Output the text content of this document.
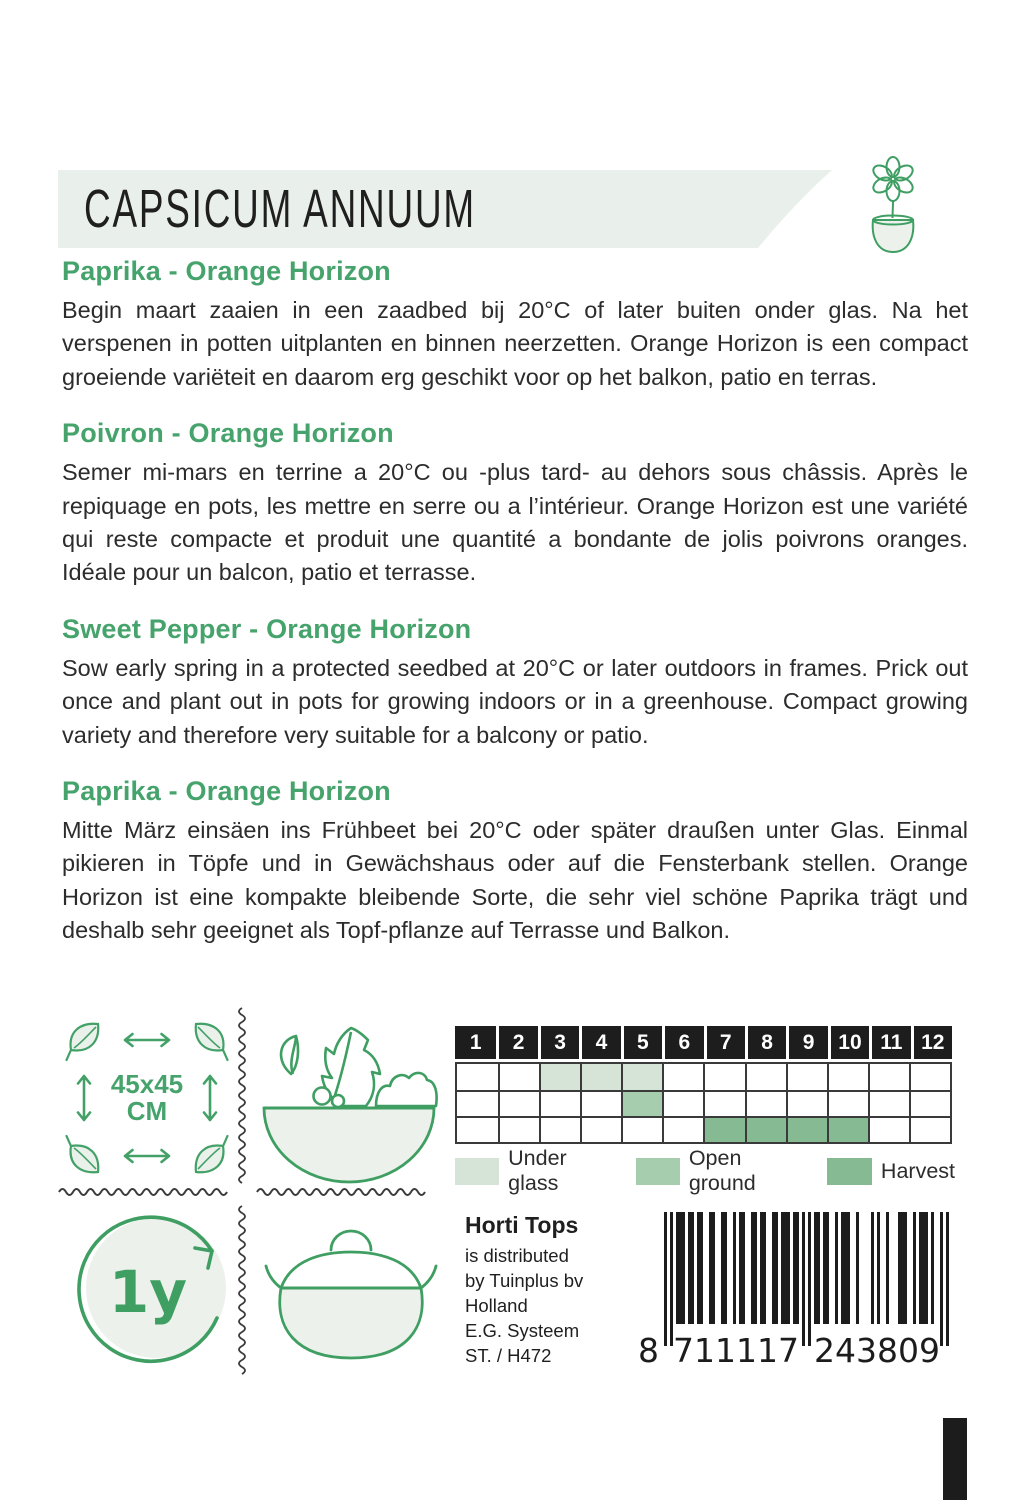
CAPSICUM ANNUUM
Paprika - Orange Horizon

Begin maart zaaien in een zaadbed bij 20°C of later buiten onder glas. Na het verspenen in potten uitplanten en binnen neerzetten. Orange Horizon is een compact groeiende variëteit en daarom erg geschikt voor op het balkon, patio en terras.

Poivron - Orange Horizon

Semer mi-mars en terrine a 20°C ou -plus tard- au dehors sous châssis. Après le repiquage en pots, les mettre en serre ou a l’intérieur. Orange Horizon est une variété qui reste compacte et produit une quantité a bondante de jolis poivrons oranges. Idéale pour un balcon, patio et terrasse.

Sweet Pepper - Orange Horizon

Sow early spring in a protected seedbed at 20°C or later outdoors in frames. Prick out once and plant out in pots for growing indoors or in a greenhouse. Compact growing variety and therefore very suitable for a balcony or patio.

Paprika - Orange Horizon

Mitte März einsäen ins Frühbeet bei 20°C oder später draußen unter Glas. Einmal pikieren in Töpfe und in Gewächshaus oder auf die Fensterbank stellen. Orange Horizon ist eine kompakte bleibende Sorte, die sehr viel schöne Paprika trägt und deshalb sehr geeignet als Topf-pflanze auf Terrasse und Balkon.

45x45
CM
1y
1	2	3	4	5	6	7	8	9	10 11 12
Under glass
Open ground
Harvest
Horti Tops
is distributed
by Tuinplus bv
Holland
E.G. Systeem
ST. / H472	8 711117 243809
